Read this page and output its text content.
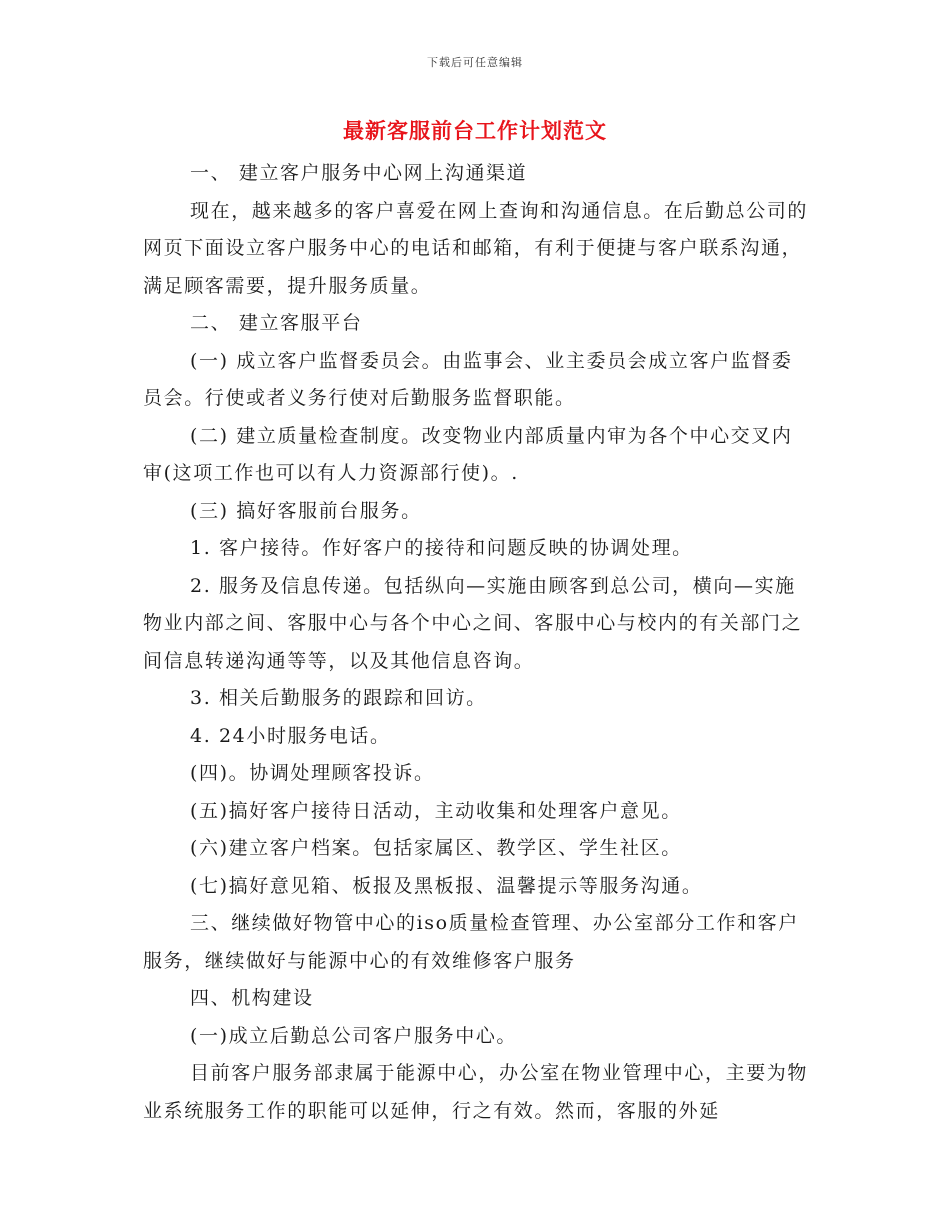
下载后可任意编辑
最新客服前台工作计划范文

一、 建立客户服务中心网上沟通渠道

现在，越来越多的客户喜爱在网上查询和沟通信息。在后勤总公司的网页下面设立客户服务中心的电话和邮箱，有利于便捷与客户联系沟通，满足顾客需要，提升服务质量。

二、 建立客服平台

(一) 成立客户监督委员会。由监事会、业主委员会成立客户监督委员会。行使或者义务行使对后勤服务监督职能。

(二) 建立质量检查制度。改变物业内部质量内审为各个中心交叉内审(这项工作也可以有人力资源部行使)。.

(三) 搞好客服前台服务。

1. 客户接待。作好客户的接待和问题反映的协调处理。

2. 服务及信息传递。包括纵向—实施由顾客到总公司，横向—实施物业内部之间、客服中心与各个中心之间、客服中心与校内的有关部门之间信息转递沟通等等，以及其他信息咨询。

3. 相关后勤服务的跟踪和回访。

4. 24小时服务电话。

(四)。协调处理顾客投诉。

(五)搞好客户接待日活动，主动收集和处理客户意见。

(六)建立客户档案。包括家属区、教学区、学生社区。

(七)搞好意见箱、板报及黑板报、温馨提示等服务沟通。

三、继续做好物管中心的iso质量检查管理、办公室部分工作和客户服务，继续做好与能源中心的有效维修客户服务

四、机构建设

(一)成立后勤总公司客户服务中心。

目前客户服务部隶属于能源中心，办公室在物业管理中心，主要为物业系统服务工作的职能可以延伸，行之有效。然而，客服的外延
